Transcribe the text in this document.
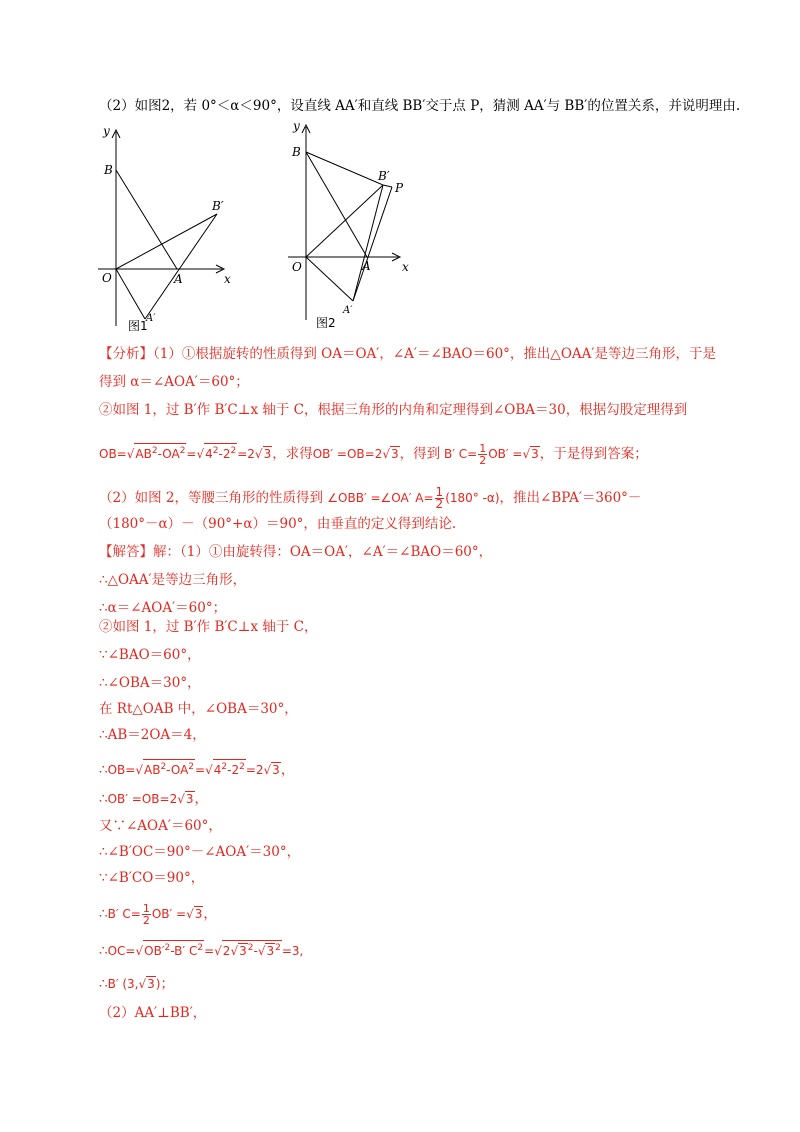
（2）如图2，若 0°＜α＜90°，设直线 AA′和直线 BB′交于点 P，猜测 AA′与 BB′的位置关系，并说明理由.
y
x
B
B′
O	A
A′
图1
y
x
B
B′
P
O	A
A′
图2
【分析】（1）①根据旋转的性质得到 OA＝OA′，∠A′＝∠BAO＝60°，推出△OAA′是等边三角形，于是
得到 α＝∠AOA′＝60°；
②如图 1，过 B′作 B′C⊥x 轴于 C，根据三角形的内角和定理得到∠OBA＝30，根据勾股定理得到
$OB=√AB^2-OA^2=√4^2-2^2=2√3$，求得OB′ =OB=2√3，得到 B′ $C= \frac{1}{2} OB' =√3$，于是得到答案；
（2）如图 2，等腰三角形的性质得到 ∠OBB′ =∠OA′ $A= \frac{1}{2} (180^\circ$ -α)，推出∠BPA′＝360°－
（180°－α）－（90°+α）＝90°，由垂直的定义得到结论.
【解答】解：（1）①由旋转得：OA＝OA′，∠A′＝∠BAO＝60°，
∴△OAA′是等边三角形，
∴α＝∠AOA′＝60°；
②如图 1，过 B′作 B′C⊥x 轴于 C，
∵∠BAO＝60°，
∴∠OBA＝30°，
在 Rt△OAB 中，∠OBA＝30°，
∴AB＝2OA＝4，
$\therefore OB=√AB^2-OA^2=√4^2-2^2=2√3$，
∴OB′ =OB=2√3，
又∵∠AOA′＝60°，
∴∠B′OC＝90°－∠AOA′＝30°，
∵∠B′CO＝90°，
∴B′ $C= \frac{1}{2} OB' =√3$，
$\therefore OC=√OB'^2-B'$ $C^2=√2√3^2-√3^2=3$,
∴B′ (3,√3)；
（2）AA′⊥BB′，
